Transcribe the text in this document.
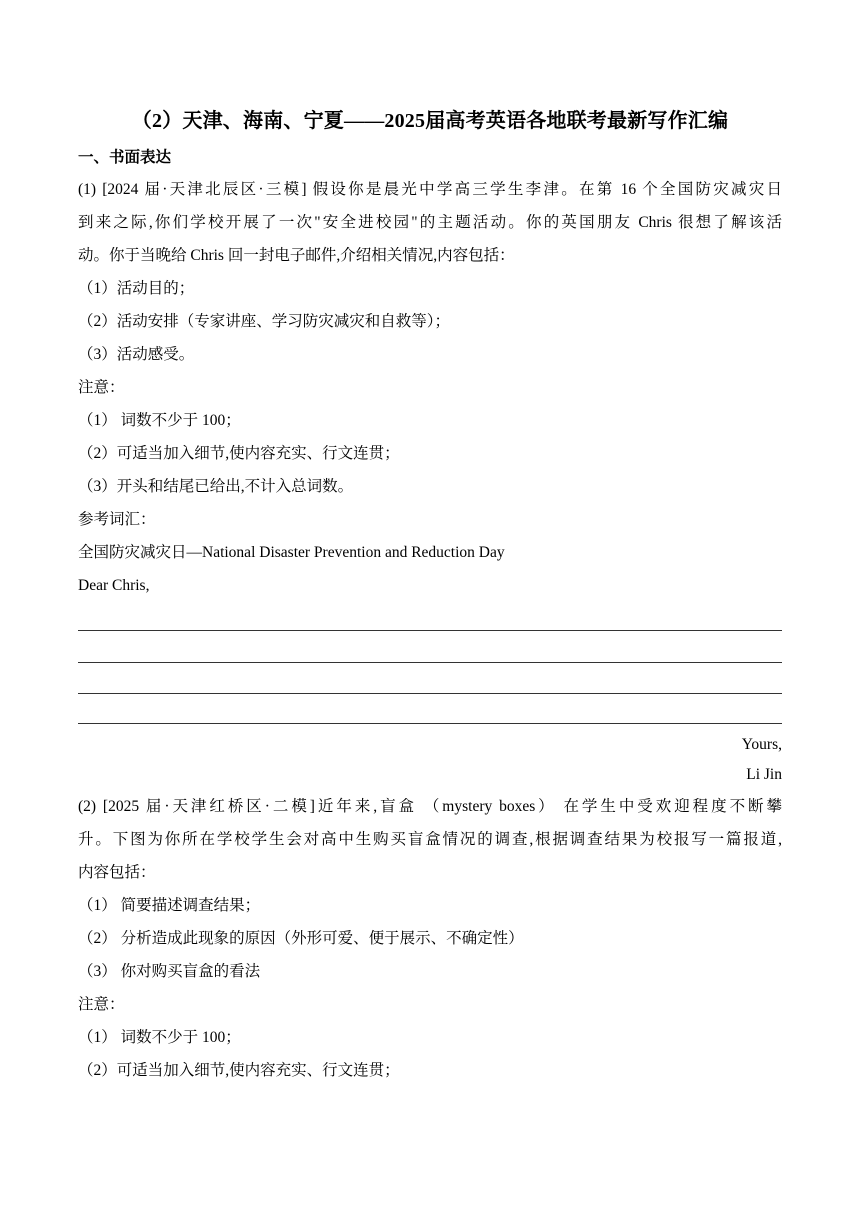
（2）天津、海南、宁夏——2025届高考英语各地联考最新写作汇编
一、书面表达
(1) [2024 届·天津北辰区·三模] 假设你是晨光中学高三学生李津。在第 16 个全国防灾减灾日
到来之际,你们学校开展了一次"安全进校园"的主题活动。你的英国朋友 Chris 很想了解该活
动。你于当晚给 Chris 回一封电子邮件,介绍相关情况,内容包括：
（1）活动目的；
（2）活动安排（专家讲座、学习防灾减灾和自救等）；
（3）活动感受。
注意：
（1） 词数不少于 100；
（2）可适当加入细节,使内容充实、行文连贯；
（3）开头和结尾已给出,不计入总词数。
参考词汇：
全国防灾减灾日—National Disaster Prevention and Reduction Day
Dear Chris,
Yours,
Li Jin
(2) [2025 届·天津红桥区·二模]近年来,盲盒 （mystery boxes） 在学生中受欢迎程度不断攀
升。下图为你所在学校学生会对高中生购买盲盒情况的调查,根据调查结果为校报写一篇报道,
内容包括：
（1） 简要描述调查结果；
（2） 分析造成此现象的原因（外形可爱、便于展示、不确定性）
（3） 你对购买盲盒的看法
注意：
（1） 词数不少于 100；
（2）可适当加入细节,使内容充实、行文连贯；
